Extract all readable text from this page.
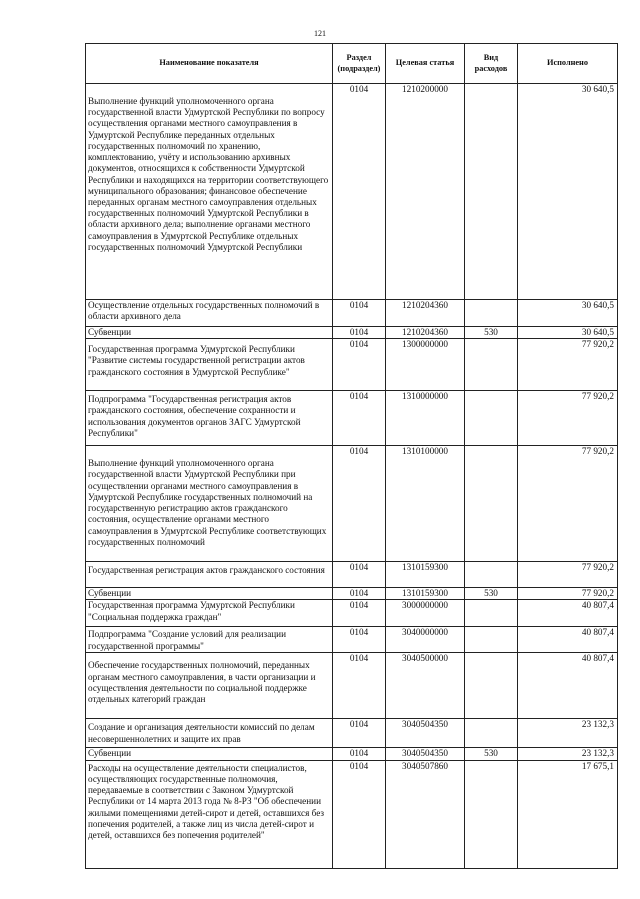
121
Наименование показателя	Раздел (подраздел)	Целевая статья	Вид расходов	Исполнено
Выполнение функций уполномоченного органа государственной власти Удмуртской Республики по вопросу осуществления органами местного самоуправления в Удмуртской Республике переданных отдельных государственных полномочий по хранению, комплектованию, учёту и использованию архивных документов, относящихся к собственности Удмуртской Республики и находящихся на территории соответствующего муниципального образования; финансовое обеспечение переданных органам местного самоуправления отдельных государственных полномочий Удмуртской Республики в области архивного дела; выполнение органами местного самоуправления в Удмуртской Республике отдельных государственных полномочий Удмуртской Республики	0104	1210200000		30 640,5
Осуществление отдельных государственных полномочий в области архивного дела	0104	1210204360		30 640,5
Субвенции	0104	1210204360	530	30 640,5
Государственная программа Удмуртской Республики "Развитие системы государственной регистрации актов гражданского состояния в Удмуртской Республике"	0104	1300000000		77 920,2
Подпрограмма "Государственная регистрация актов гражданского состояния, обеспечение сохранности и использования документов органов ЗАГС Удмуртской Республики"	0104	1310000000		77 920,2
Выполнение функций уполномоченного органа государственной власти Удмуртской Республики при осуществлении органами местного самоуправления в Удмуртской Республике государственных полномочий на государственную регистрацию актов гражданского состояния, осуществление органами местного самоуправления в Удмуртской Республике соответствующих государственных полномочий	0104	1310100000		77 920,2
Государственная регистрация актов гражданского состояния	0104	1310159300		77 920,2
Субвенции	0104	1310159300	530	77 920,2
Государственная программа Удмуртской Республики "Социальная поддержка граждан"	0104	3000000000		40 807,4
Подпрограмма "Создание условий для реализации государственной программы"	0104	3040000000		40 807,4
Обеспечение государственных полномочий, переданных органам местного самоуправления, в части организации и осуществления деятельности по социальной поддержке отдельных категорий граждан	0104	3040500000		40 807,4
Создание и организация деятельности комиссий по делам несовершеннолетних и защите их прав	0104	3040504350		23 132,3
Субвенции	0104	3040504350	530	23 132,3
Расходы на осуществление деятельности специалистов, осуществляющих государственные полномочия, передаваемые в соответствии с Законом Удмуртской Республики от 14 марта 2013 года № 8-РЗ "Об обеспечении жилыми помещениями детей-сирот и детей, оставшихся без попечения родителей, а также лиц из числа детей-сирот и детей, оставшихся без попечения родителей"	0104	3040507860		17 675,1
